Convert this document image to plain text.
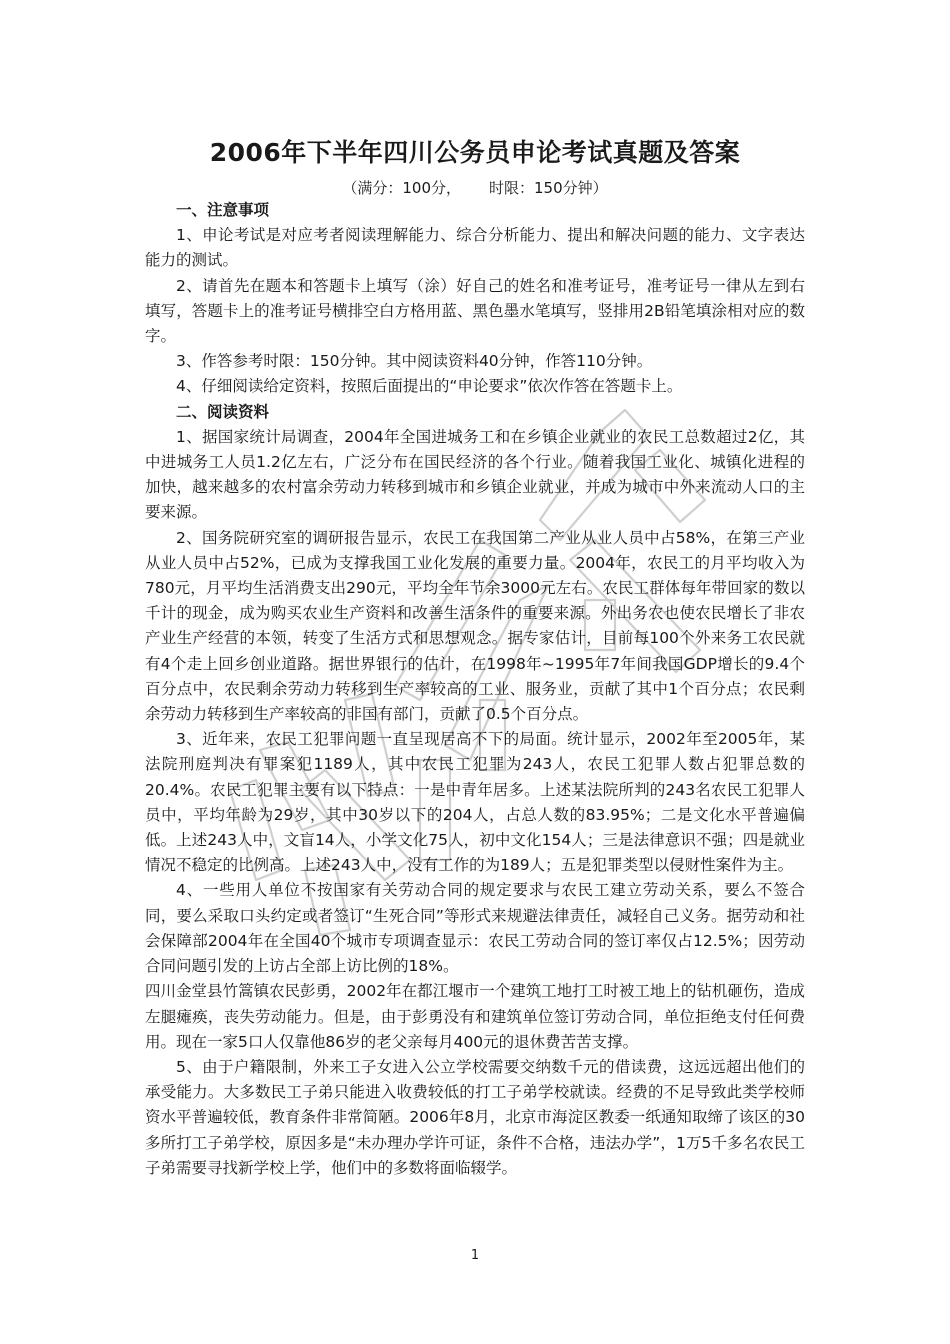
2006年下半年四川公务员申论考试真题及答案
（满分：100分， 时限：150分钟）

一、注意事项

1、申论考试是对应考者阅读理解能力、综合分析能力、提出和解决问题的能力、文字表达能力的测试。

2、请首先在题本和答题卡上填写（涂）好自己的姓名和准考证号，准考证号一律从左到右填写，答题卡上的准考证号横排空白方格用蓝、黑色墨水笔填写，竖排用2B铅笔填涂相对应的数字。

3、作答参考时限：150分钟。其中阅读资料40分钟，作答110分钟。

4、仔细阅读给定资料，按照后面提出的“申论要求”依次作答在答题卡上。

二、阅读资料

1、据国家统计局调查，2004年全国进城务工和在乡镇企业就业的农民工总数超过2亿，其中进城务工人员1.2亿左右，广泛分布在国民经济的各个行业。随着我国工业化、城镇化进程的加快，越来越多的农村富余劳动力转移到城市和乡镇企业就业，并成为城市中外来流动人口的主要来源。

2、国务院研究室的调研报告显示，农民工在我国第二产业从业人员中占58%，在第三产业从业人员中占52%，已成为支撑我国工业化发展的重要力量。2004年，农民工的月平均收入为780元，月平均生活消费支出290元，平均全年节余3000元左右。农民工群体每年带回家的数以千计的现金，成为购买农业生产资料和改善生活条件的重要来源。外出务农也使农民增长了非农产业生产经营的本领，转变了生活方式和思想观念。据专家估计，目前每100个外来务工农民就有4个走上回乡创业道路。据世界银行的估计，在1998年~1995年7年间我国GDP增长的9.4个百分点中，农民剩余劳动力转移到生产率较高的工业、服务业，贡献了其中1个百分点；农民剩余劳动力转移到生产率较高的非国有部门，贡献了0.5个百分点。

3、近年来，农民工犯罪问题一直呈现居高不下的局面。统计显示，2002年至2005年，某法院刑庭判决有罪案犯1189人，其中农民工犯罪为243人，农民工犯罪人数占犯罪总数的20.4%。农民工犯罪主要有以下特点：一是中青年居多。上述某法院所判的243名农民工犯罪人员中，平均年龄为29岁，其中30岁以下的204人，占总人数的83.95%；二是文化水平普遍偏低。上述243人中，文盲14人，小学文化75人，初中文化154人；三是法律意识不强；四是就业情况不稳定的比例高。上述243人中，没有工作的为189人；五是犯罪类型以侵财性案件为主。

4、一些用人单位不按国家有关劳动合同的规定要求与农民工建立劳动关系，要么不签合同，要么采取口头约定或者签订“生死合同”等形式来规避法律责任，减轻自己义务。据劳动和社会保障部2004年在全国40个城市专项调查显示：农民工劳动合同的签订率仅占12.5%；因劳动合同问题引发的上访占全部上访比例的18%。

四川金堂县竹篙镇农民彭勇，2002年在都江堰市一个建筑工地打工时被工地上的钻机砸伤，造成左腿瘫痪，丧失劳动能力。但是，由于彭勇没有和建筑单位签订劳动合同，单位拒绝支付任何费用。现在一家5口人仅靠他86岁的老父亲每月400元的退休费苦苦支撑。

5、由于户籍限制，外来工子女进入公立学校需要交纳数千元的借读费，这远远超出他们的承受能力。大多数民工子弟只能进入收费较低的打工子弟学校就读。经费的不足导致此类学校师资水平普遍较低，教育条件非常简陋。2006年8月，北京市海淀区教委一纸通知取缔了该区的30多所打工子弟学校，原因多是“未办理办学许可证，条件不合格，违法办学”，1万5千多名农民工子弟需要寻找新学校上学，他们中的多数将面临辍学。

1
